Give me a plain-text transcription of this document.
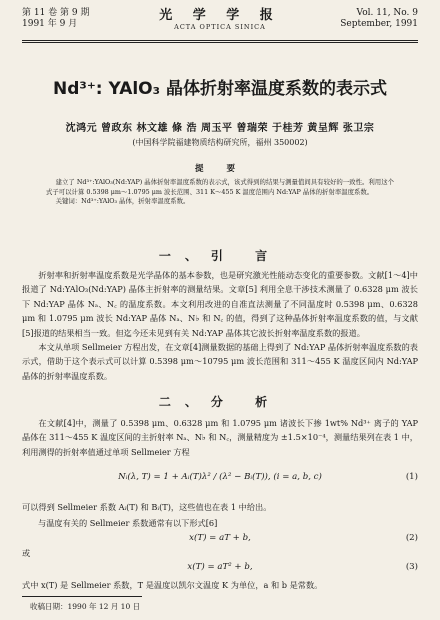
第 11 卷 第 9 期
1991 年 9 月
光 学 学 报
ACTA OPTICA SINICA
Vol. 11, No. 9
September, 1991
Nd³⁺: YAlO₃ 晶体折射率温度系数的表示式
沈鸿元 曾政东 林文雄 條 浩 周玉平 曾瑞荣 于桂芳 黄呈辉 张卫宗
(中国科学院福建物质结构研究所，福州 350002)
提 要

建立了 Nd³⁺:YAlO₃(Nd:YAP) 晶体折射率温度系数的表示式，该式得到的结果与测量值间具有较好的一致性。利用这个式子可以计算 0.5398 μm～1.0795 μm 波长范围、311 K～455 K 温度范围内 Nd:YAP 晶体的折射率温度系数。

关键词：Nd³⁺:YAlO₃ 晶体，折射率温度系数。

一、引 言

折射率和折射率温度系数是光学晶体的基本参数，也是研究激光性能动态变化的重要参数。文献[1～4]中报道了 Nd:YAlO₃(Nd:YAP) 晶体主折射率的测量结果。文章[5] 利用全息干涉技术测量了 0.6328 μm 波长下 Nd:YAP 晶体 Nₐ、N꜀ 的温度系数。本文利用改进的自准直法测量了不同温度时 0.5398 μm、0.6328 μm 和 1.0795 μm 波长 Nd:YAP 晶体 Nₐ、N♭ 和 N꜀ 的值，得到了这种晶体折射率温度系数的值，与文献[5]报道的结果相当一致。但迄今还未见到有关 Nd:YAP 晶体其它波长折射率温度系数的报道。

本文从单项 Sellmeier 方程出发，在文章[4]测量数据的基础上得到了 Nd:YAP 晶体折射率温度系数的表示式，借助于这个表示式可以计算 0.5398 μm～10795 μm 波长范围和 311～455 K 温度区间内 Nd:YAP 晶体的折射率温度系数。

二、分 析

在文献[4]中，测量了 0.5398 μm、0.6328 μm 和 1.0795 μm 诸波长下掺 1wt% Nd³⁺ 离子的 YAP 晶体在 311～455 K 温度区间的主折射率 Nₐ、N♭ 和 N꜀，测量精度为 ±1.5×10⁻⁴，测量结果列在表 1 中，利用测得的折射率值通过单项 Sellmeier 方程

Nᵢ(λ, T) = 1 + Aᵢ(T)λ² / (λ² − Bᵢ(T)), (i = a, b, c)	(1)
可以得到 Sellmeier 系数 Aᵢ(T) 和 Bᵢ(T)，这些值也在表 1 中给出。
与温度有关的 Sellmeier 系数通常有以下形式[6]
x(T) = aT + b,	(2)
或
x(T) = aT² + b,	(3)
式中 x(T) 是 Sellmeier 系数，T 是温度以凯尔文温度 K 为单位，a 和 b 是常数。
收稿日期：1990 年 12 月 10 日
